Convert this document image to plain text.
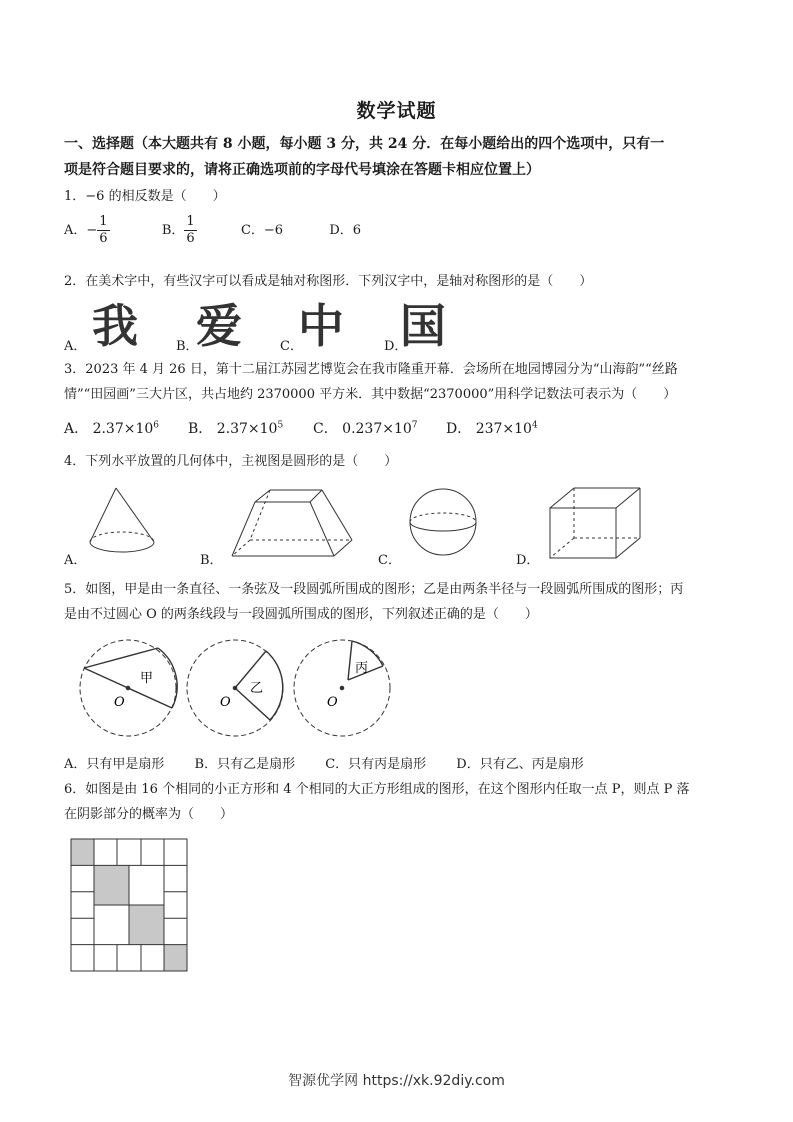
数学试题
一、选择题（本大题共有 8 小题，每小题 3 分，共 24 分．在每小题给出的四个选项中，只有一
项是符合题目要求的，请将正确选项前的字母代号填涂在答题卡相应位置上）
1．−6 的相反数是（　　）
A．− $\frac{1}{6}$	B． $\frac{1}{6}$	C．−6	D．6
2．在美术字中，有些汉字可以看成是轴对称图形．下列汉字中，是轴对称图形的是（　　）
A． 我	B．
爱	C．
中	D．
国
3．2023 年 4 月 26 日，第十二届江苏园艺博览会在我市隆重开幕．会场所在地园博园分为“山海韵”“丝路
情”“田园画”三大片区，共占地约 2370000 平方米．其中数据“2370000”用科学记数法可表示为（　　）
A． $2.37\times 10^6$ B． $2.37\times 10^5$ C． $0.237\times 10^7$ D． $237\times 10^4$
4．下列水平放置的几何体中，主视图是圆形的是（　　）
A．	B．	C．	D．
5．如图，甲是由一条直径、一条弦及一段圆弧所围成的图形；乙是由两条半径与一段圆弧所围成的图形；丙
是由不过圆心 O 的两条线段与一段圆弧所围成的图形，下列叙述正确的是（　　）
甲
O
乙
O
丙
O
A．只有甲是扇形　　 B．只有乙是扇形　　 C．只有丙是扇形　　 D．只有乙、丙是扇形
6．如图是由 16 个相同的小正方形和 4 个相同的大正方形组成的图形，在这个图形内任取一点 P，则点 P 落
在阴影部分的概率为（　　）
智源优学网 https://xk.92diy.com
